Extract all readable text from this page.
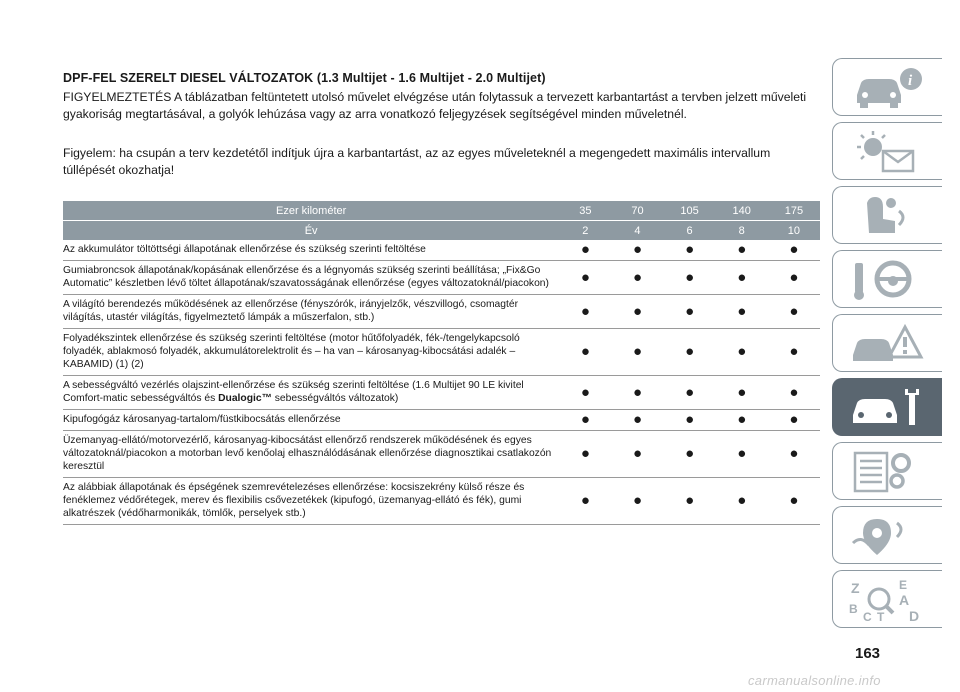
DPF-FEL SZERELT DIESEL VÁLTOZATOK (1.3 Multijet - 1.6 Multijet - 2.0 Multijet)
FIGYELMEZTETÉS A táblázatban feltüntetett utolsó művelet elvégzése után folytassuk a tervezett karbantartást a tervben jelzett műveleti gyakoriság megtartásával, a golyók lehúzása vagy az arra vonatkozó feljegyzések segítségével minden műveletnél.
Figyelem: ha csupán a terv kezdetétől indítjuk újra a karbantartást, az az egyes műveleteknél a megengedett maximális intervallum túllépését okozhatja!
Ezer kilométer	35	70	105	140	175
Év	2	4	6	8	10
Az akkumulátor töltöttségi állapotának ellenőrzése és szükség szerinti feltöltése	●	●	●	●	●
Gumiabroncsok állapotának/kopásának ellenőrzése és a légnyomás szükség szerinti beállítása; „Fix&Go Automatic” készletben lévő töltet állapotának/szavatosságának ellenőrzése (egyes változatoknál/piacokon)	●	●	●	●	●
A világító berendezés működésének az ellenőrzése (fényszórók, irányjelzők, vészvillogó, csomagtér világítás, utastér világítás, figyelmeztető lámpák a műszerfalon, stb.)	●	●	●	●	●
Folyadékszintek ellenőrzése és szükség szerinti feltöltése (motor hűtőfolyadék, fék-/tengelykapcsoló folyadék, ablakmosó folyadék, akkumulátorelektrolit és – ha van – károsanyag-kibocsátási adalék – KABAMID) (1) (2)	●	●	●	●	●
A sebességváltó vezérlés olajszint-ellenőrzése és szükség szerinti feltöltése (1.6 Multijet 90 LE kivitel Comfort-matic sebességváltós és Dualogic™ sebességváltós változatok)	●	●	●	●	●
Kipufogógáz károsanyag-tartalom/füstkibocsátás ellenőrzése	●	●	●	●	●
Üzemanyag-ellátó/motorvezérlő, károsanyag-kibocsátást ellenőrző rendszerek működésének és egyes változatoknál/piacokon a motorban levő kenőolaj elhasználódásának ellenőrzése diagnosztikai csatlakozón keresztül	●	●	●	●	●
Az alábbiak állapotának és épségének szemrevételezéses ellenőrzése: kocsiszekrény külső része és fenéklemez védőrétegek, merev és flexibilis csővezetékek (kipufogó, üzemanyag-ellátó és fék), gumi alkatrészek (védőharmonikák, tömlők, perselyek stb.)	●	●	●	●	●
i
Z	E
B
A
C T D
163
carmanualsonline.info
